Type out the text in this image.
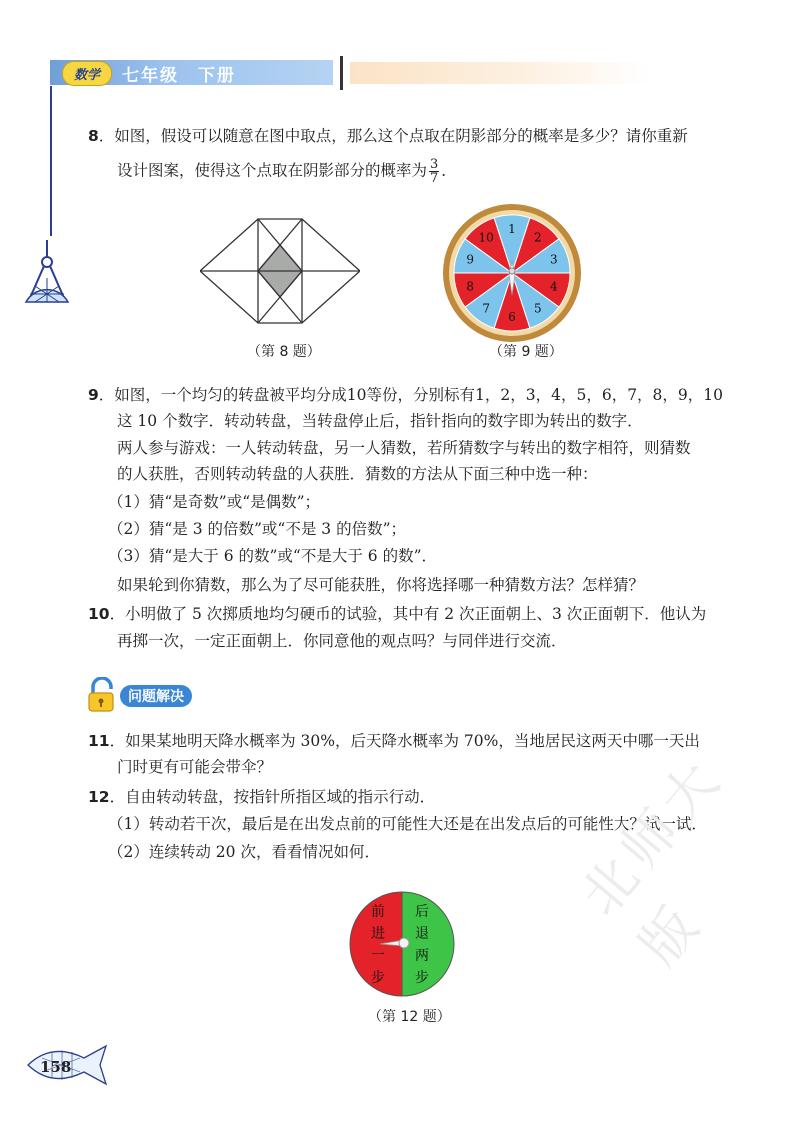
数学	七年级　下册
8．如图，假设可以随意在图中取点，那么这个点取在阴影部分的概率是多少？请你重新
设计图案，使得这个点取在阴影部分的概率为 $\frac{3}{7}$ ．
（第 8 题）
1
2
3
4
5
6
7
8
9
10
（第 9 题）
9．如图，一个均匀的转盘被平均分成10等份，分别标有1，2，3，4，5，6，7，8，9，10
这 10 个数字．转动转盘，当转盘停止后，指针指向的数字即为转出的数字．
两人参与游戏：一人转动转盘，另一人猜数，若所猜数字与转出的数字相符，则猜数
的人获胜，否则转动转盘的人获胜．猜数的方法从下面三种中选一种：
（1）猜“是奇数”或“是偶数”；
（2）猜“是 3 的倍数”或“不是 3 的倍数”；
（3）猜“是大于 6 的数”或“不是大于 6 的数”．
如果轮到你猜数，那么为了尽可能获胜，你将选择哪一种猜数方法？怎样猜？
10．小明做了 5 次掷质地均匀硬币的试验，其中有 2 次正面朝上、3 次正面朝下．他认为
再掷一次，一定正面朝上．你同意他的观点吗？与同伴进行交流．
问题解决
11．如果某地明天降水概率为 30%，后天降水概率为 70%，当地居民这两天中哪一天出
门时更有可能会带伞？
12．自由转动转盘，按指针所指区域的指示行动．
（1）转动若干次，最后是在出发点前的可能性大还是在出发点后的可能性大？试一试．
（2）连续转动 20 次，看看情况如何．
前
进
一
步
后
退
两
步
（第 12 题）
北师大版
158
